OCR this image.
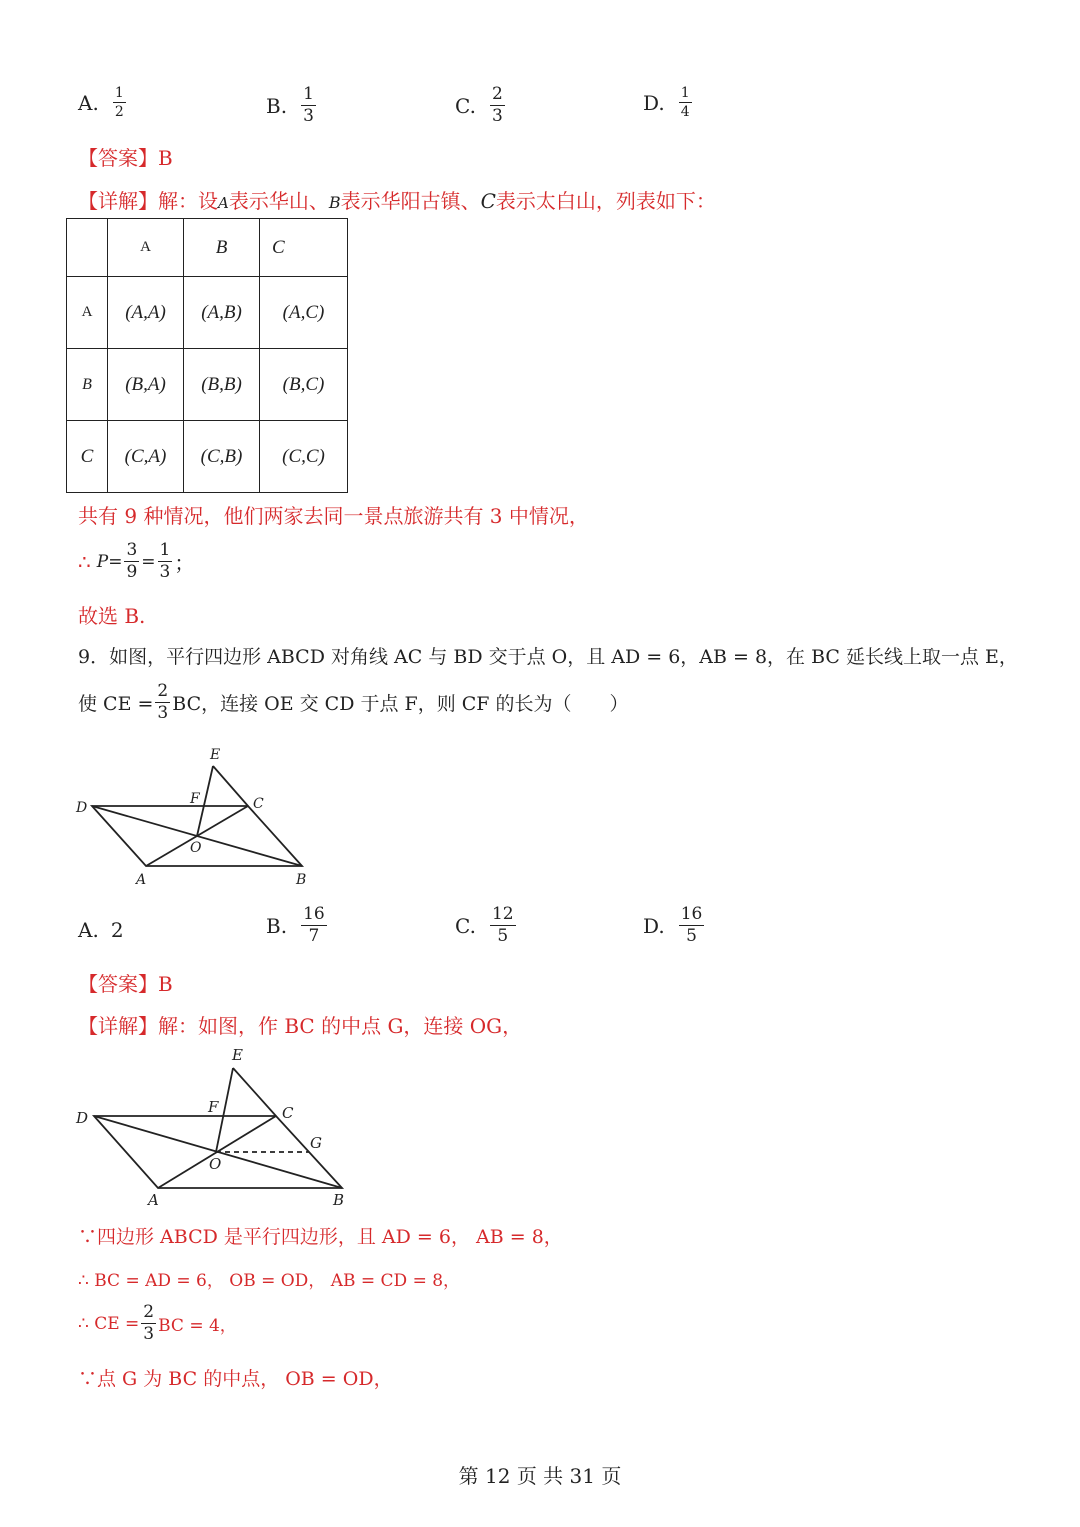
A. $\frac{1}{2}$	B. $\frac{1}{3}$	C. $\frac{2}{3}$	D. $\frac{1}{4}$
【答案】B
【详解】解：设A表示华山、B表示华阳古镇、C表示太白山，列表如下：
	A	B	C
A	(A,A)	(A,B)	(A,C)
B	(B,A)	(B,B)	(B,C)
C	(C,A)	(C,B)	(C,C)
共有 9 种情况，他们两家去同一景点旅游共有 3 中情况，
∴ $P = \frac{3}{9} = \frac{1}{3}$ ；
故选 B.
9．如图，平行四边形 ABCD 对角线 AC 与 BD 交于点 O，且 AD = 6，AB = 8，在 BC 延长线上取一点 E，
使 CE = $\frac{2}{3}$ BC，连接 OE 交 CD 于点 F，则 CF 的长为（　　）
E
D
F	C
O
A	B
A. 2	B. $\frac{16}{7}$	C. $\frac{12}{5}$	D. $\frac{16}{5}$
【答案】B
【详解】解：如图，作 BC 的中点 G，连接 OG，
E
D
F	C
G
O
A	B
∵四边形 ABCD 是平行四边形，且 AD = 6， AB = 8，
∴ BC = AD = 6， OB = OD， AB = CD = 8，
∴ CE = $\frac{2}{3}$ BC = 4，
∵点 G 为 BC 的中点， OB = OD，
第 12 页 共 31 页
